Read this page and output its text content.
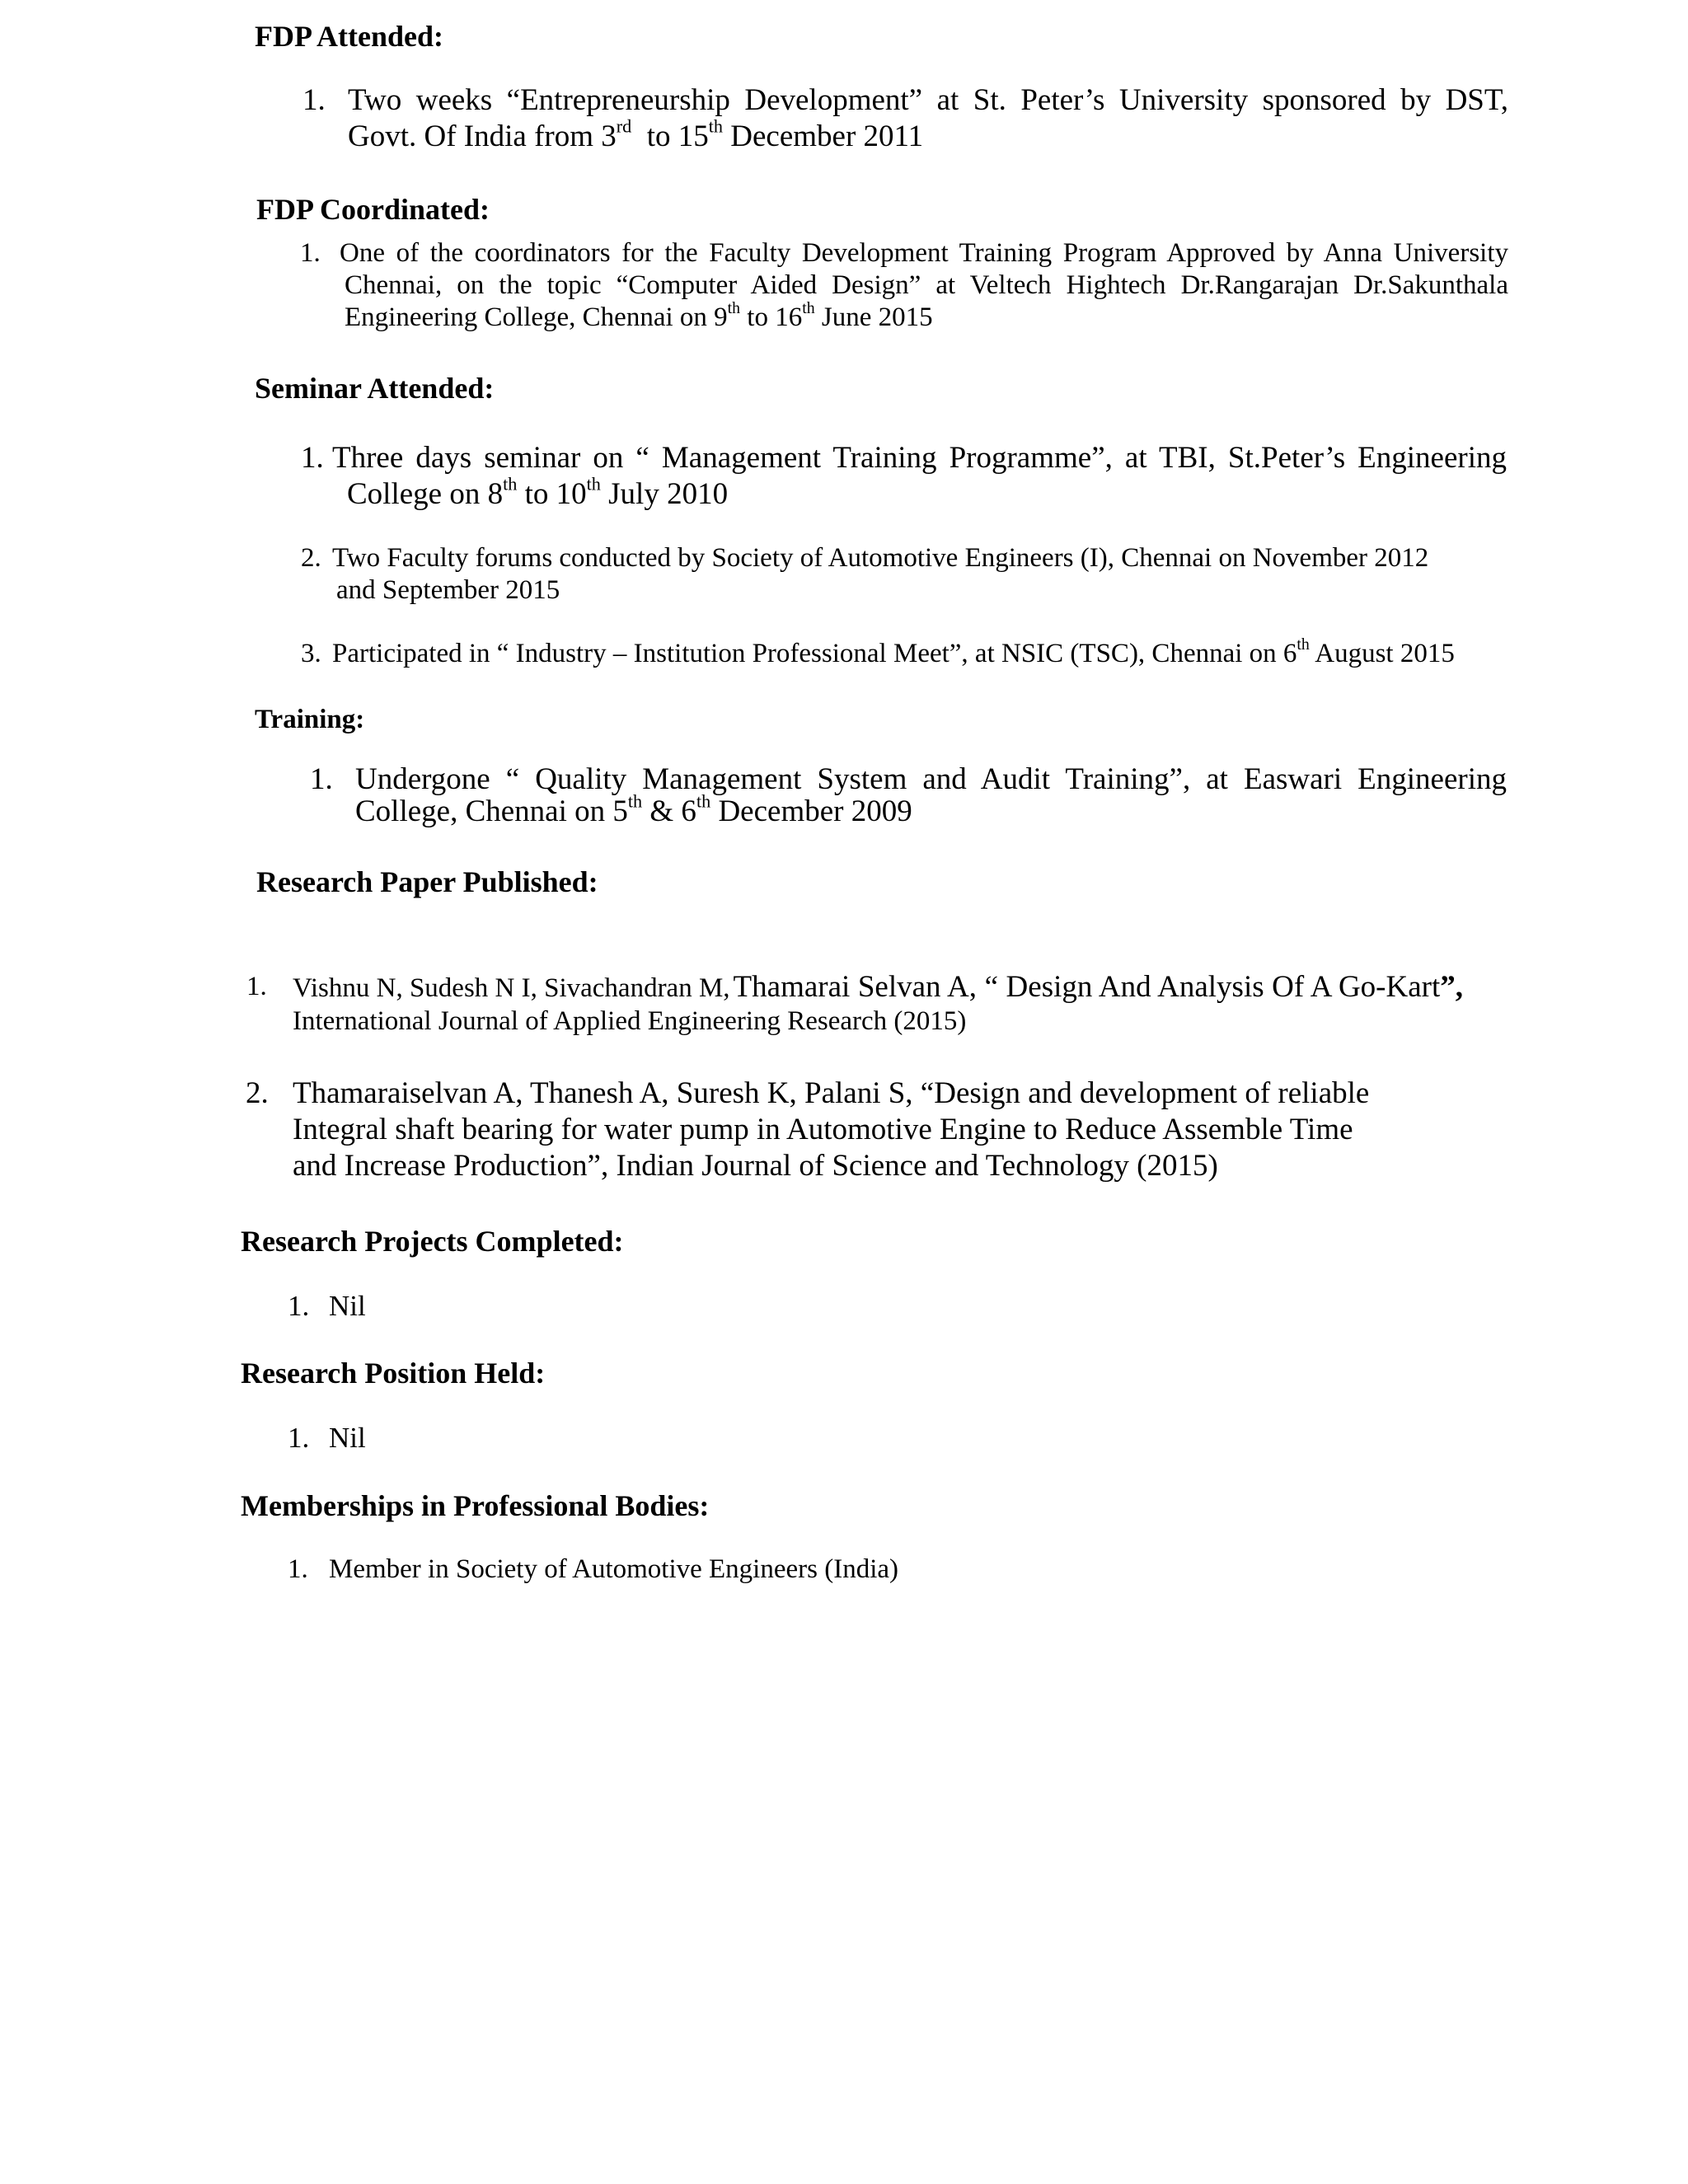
FDP Attended:
1. Two weeks “Entrepreneurship Development” at St. Peter’s University sponsored by DST,
Govt. Of India from 3rd to 15th December 2011
FDP Coordinated:
1. One of the coordinators for the Faculty Development Training Program Approved by Anna University
Chennai, on the topic “Computer Aided Design” at Veltech Hightech Dr.Rangarajan Dr.Sakunthala
Engineering College, Chennai on 9th to 16th June 2015
Seminar Attended:
1. Three days seminar on “ Management Training Programme”, at TBI, St.Peter’s Engineering
College on 8th to 10th July 2010
2. Two Faculty forums conducted by Society of Automotive Engineers (I), Chennai on November 2012
and September 2015
3. Participated in “ Industry – Institution Professional Meet”, at NSIC (TSC), Chennai on 6th August 2015
Training:
1. Undergone “ Quality Management System and Audit Training”, at Easwari Engineering
College, Chennai on 5th & 6th December 2009
Research Paper Published:
1. Vishnu N, Sudesh N I, Sivachandran M, Thamarai Selvan A, “ Design And Analysis Of A Go-Kart ”,
International Journal of Applied Engineering Research (2015)
2. Thamaraiselvan A, Thanesh A, Suresh K, Palani S, “Design and development of reliable
Integral shaft bearing for water pump in Automotive Engine to Reduce Assemble Time
and Increase Production”, Indian Journal of Science and Technology (2015)
Research Projects Completed:
1. Nil
Research Position Held:
1. Nil
Memberships in Professional Bodies:
1. Member in Society of Automotive Engineers (India)
